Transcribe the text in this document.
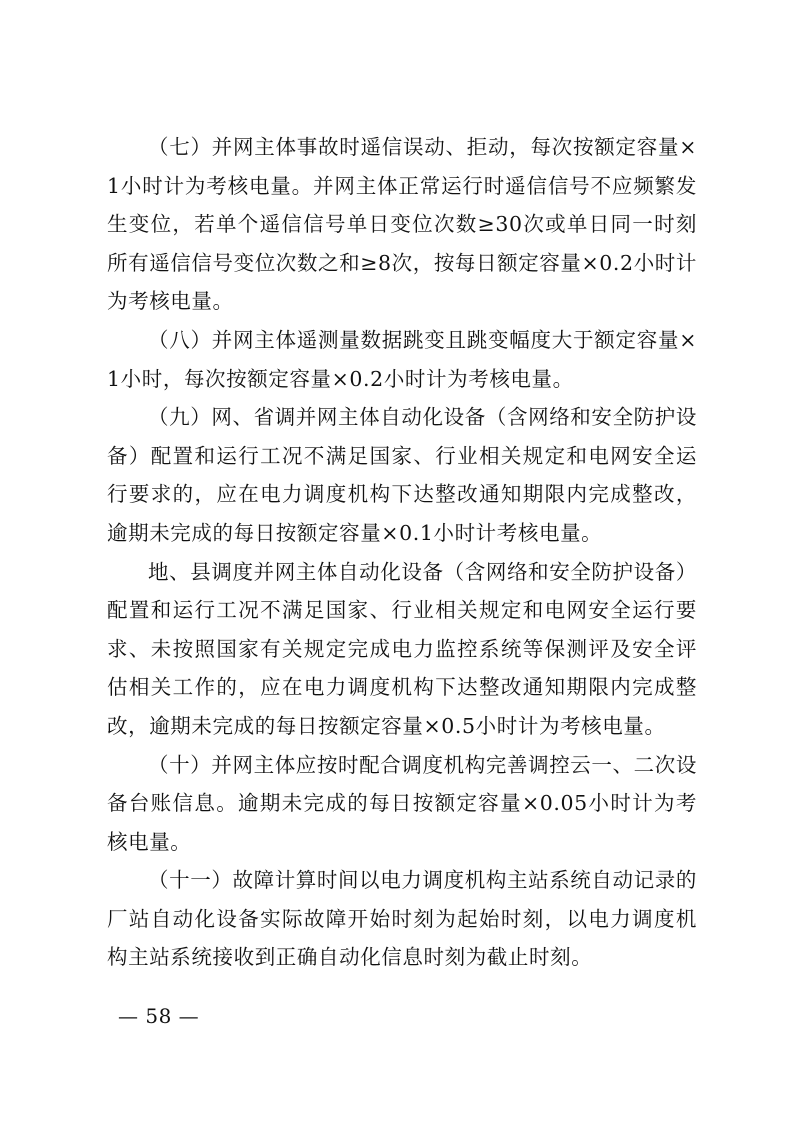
（七）并网主体事故时遥信误动、拒动，每次按额定容量×1小时计为考核电量。并网主体正常运行时遥信信号不应频繁发生变位，若单个遥信信号单日变位次数≥30次或单日同一时刻所有遥信信号变位次数之和≥8次，按每日额定容量×0.2小时计为考核电量。

（八）并网主体遥测量数据跳变且跳变幅度大于额定容量×1小时，每次按额定容量×0.2小时计为考核电量。

（九）网、省调并网主体自动化设备（含网络和安全防护设备）配置和运行工况不满足国家、行业相关规定和电网安全运行要求的，应在电力调度机构下达整改通知期限内完成整改，逾期未完成的每日按额定容量×0.1小时计考核电量。

地、县调度并网主体自动化设备（含网络和安全防护设备）配置和运行工况不满足国家、行业相关规定和电网安全运行要求、未按照国家有关规定完成电力监控系统等保测评及安全评估相关工作的，应在电力调度机构下达整改通知期限内完成整改，逾期未完成的每日按额定容量×0.5小时计为考核电量。

（十）并网主体应按时配合调度机构完善调控云一、二次设备台账信息。逾期未完成的每日按额定容量×0.05小时计为考核电量。

（十一）故障计算时间以电力调度机构主站系统自动记录的厂站自动化设备实际故障开始时刻为起始时刻，以电力调度机构主站系统接收到正确自动化信息时刻为截止时刻。

— 58 —
